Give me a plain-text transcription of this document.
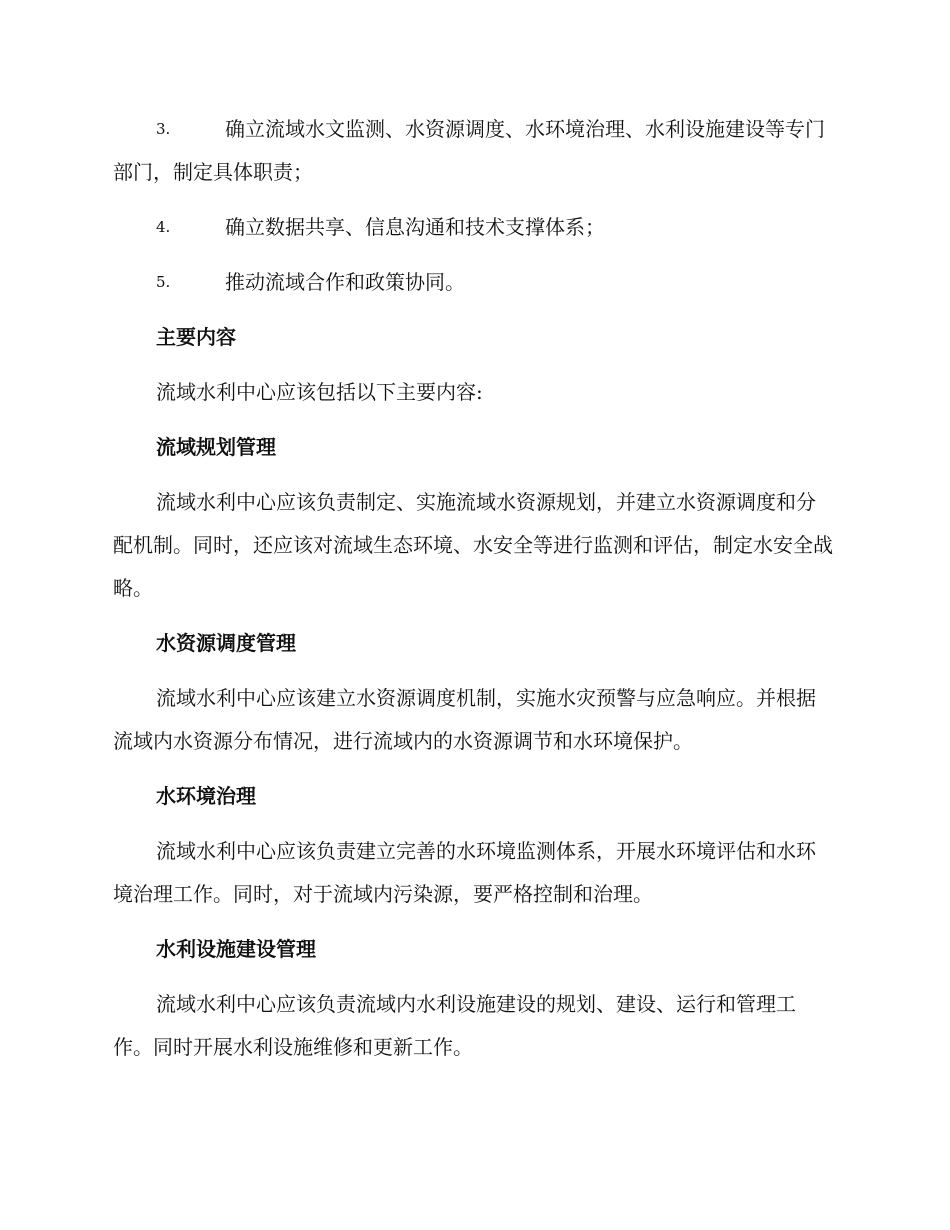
3.	确立流域水文监测、水资源调度、水环境治理、水利设施建设等专门部门，制定具体职责；
4.	确立数据共享、信息沟通和技术支撑体系；
5.	推动流域合作和政策协同。
主要内容
流域水利中心应该包括以下主要内容:
流域规划管理
流域水利中心应该负责制定、实施流域水资源规划，并建立水资源调度和分配机制。同时，还应该对流域生态环境、水安全等进行监测和评估，制定水安全战略。
水资源调度管理
流域水利中心应该建立水资源调度机制，实施水灾预警与应急响应。并根据流域内水资源分布情况，进行流域内的水资源调节和水环境保护。
水环境治理
流域水利中心应该负责建立完善的水环境监测体系，开展水环境评估和水环境治理工作。同时，对于流域内污染源，要严格控制和治理。
水利设施建设管理
流域水利中心应该负责流域内水利设施建设的规划、建设、运行和管理工作。同时开展水利设施维修和更新工作。
